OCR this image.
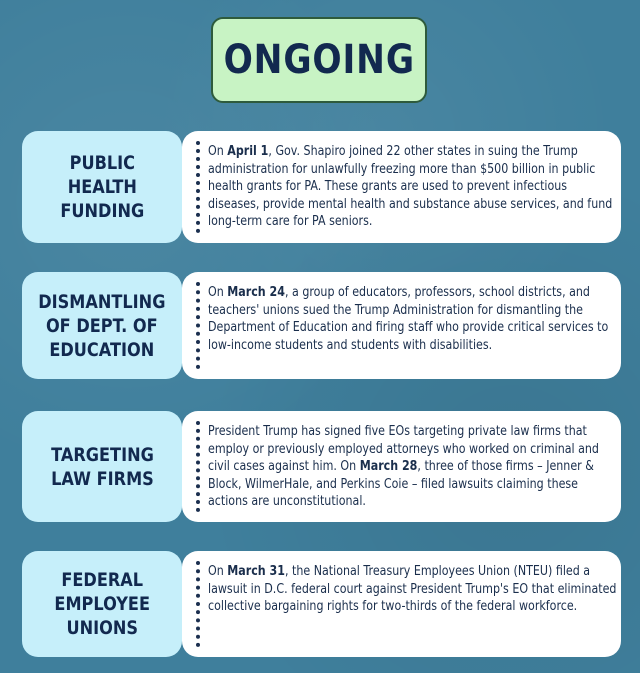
ONGOING

On April 1, Gov. Shapiro joined 22 other states in suing the Trump administration for unlawfully freezing more than $500 billion in public health grants for PA. These grants are used to prevent infectious diseases, provide mental health and substance abuse services, and fund long-term care for PA seniors.

PUBLIC
HEALTH
FUNDING

On March 24, a group of educators, professors, school districts, and teachers' unions sued the Trump Administration for dismantling the Department of Education and firing staff who provide critical services to low-income students and students with disabilities.

DISMANTLING
OF DEPT. OF
EDUCATION

President Trump has signed five EOs targeting private law firms that employ or previously employed attorneys who worked on criminal and civil cases against him. On March 28, three of those firms – Jenner & Block, WilmerHale, and Perkins Coie – filed lawsuits claiming these actions are unconstitutional.

TARGETING
LAW FIRMS

On March 31, the National Treasury Employees Union (NTEU) filed a lawsuit in D.C. federal court against President Trump's EO that eliminated collective bargaining rights for two-thirds of the federal workforce.

FEDERAL
EMPLOYEE
UNIONS
